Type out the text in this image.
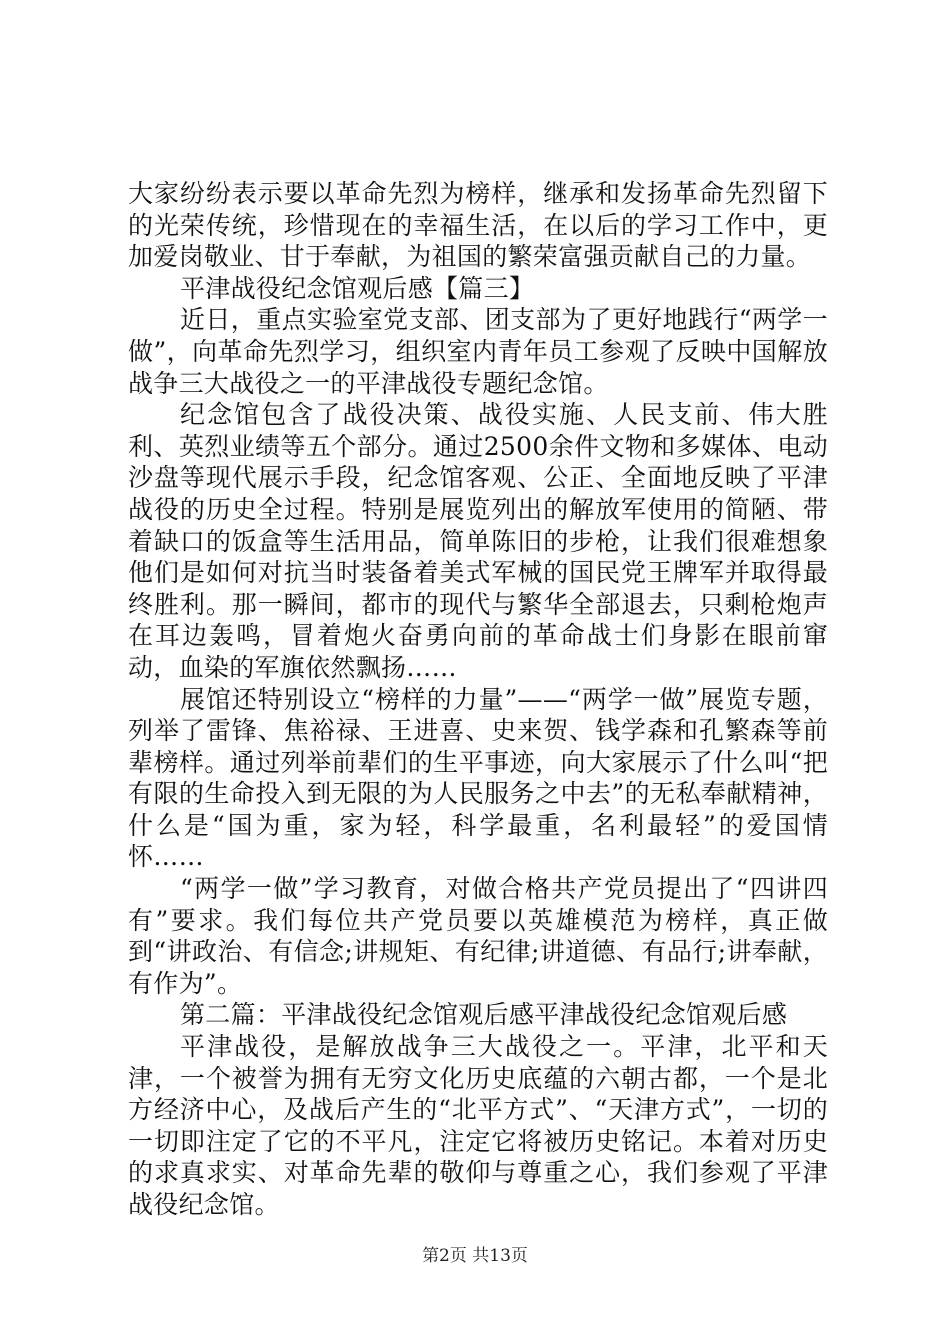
大家纷纷表示要以革命先烈为榜样，继承和发扬革命先烈留下的光荣传统，珍惜现在的幸福生活，在以后的学习工作中，更加爱岗敬业、甘于奉献，为祖国的繁荣富强贡献自己的力量。

平津战役纪念馆观后感【篇三】

近日，重点实验室党支部、团支部为了更好地践行“两学一做”，向革命先烈学习，组织室内青年员工参观了反映中国解放战争三大战役之一的平津战役专题纪念馆。

纪念馆包含了战役决策、战役实施、人民支前、伟大胜利、英烈业绩等五个部分。通过2500余件文物和多媒体、电动沙盘等现代展示手段，纪念馆客观、公正、全面地反映了平津战役的历史全过程。特别是展览列出的解放军使用的简陋、带着缺口的饭盒等生活用品，简单陈旧的步枪，让我们很难想象他们是如何对抗当时装备着美式军械的国民党王牌军并取得最终胜利。那一瞬间，都市的现代与繁华全部退去，只剩枪炮声在耳边轰鸣，冒着炮火奋勇向前的革命战士们身影在眼前窜动，血染的军旗依然飘扬……

展馆还特别设立“榜样的力量”——“两学一做”展览专题，列举了雷锋、焦裕禄、王进喜、史来贺、钱学森和孔繁森等前辈榜样。通过列举前辈们的生平事迹，向大家展示了什么叫“把有限的生命投入到无限的为人民服务之中去”的无私奉献精神，什么是“国为重，家为轻，科学最重，名利最轻”的爱国情怀……

“两学一做”学习教育，对做合格共产党员提出了“四讲四有”要求。我们每位共产党员要以英雄模范为榜样，真正做到“讲政治、有信念;讲规矩、有纪律;讲道德、有品行;讲奉献，有作为”。

第二篇：平津战役纪念馆观后感平津战役纪念馆观后感

平津战役，是解放战争三大战役之一。平津，北平和天津，一个被誉为拥有无穷文化历史底蕴的六朝古都，一个是北方经济中心，及战后产生的“北平方式”、“天津方式”，一切的一切即注定了它的不平凡，注定它将被历史铭记。本着对历史的求真求实、对革命先辈的敬仰与尊重之心，我们参观了平津战役纪念馆。

第2页 共13页
